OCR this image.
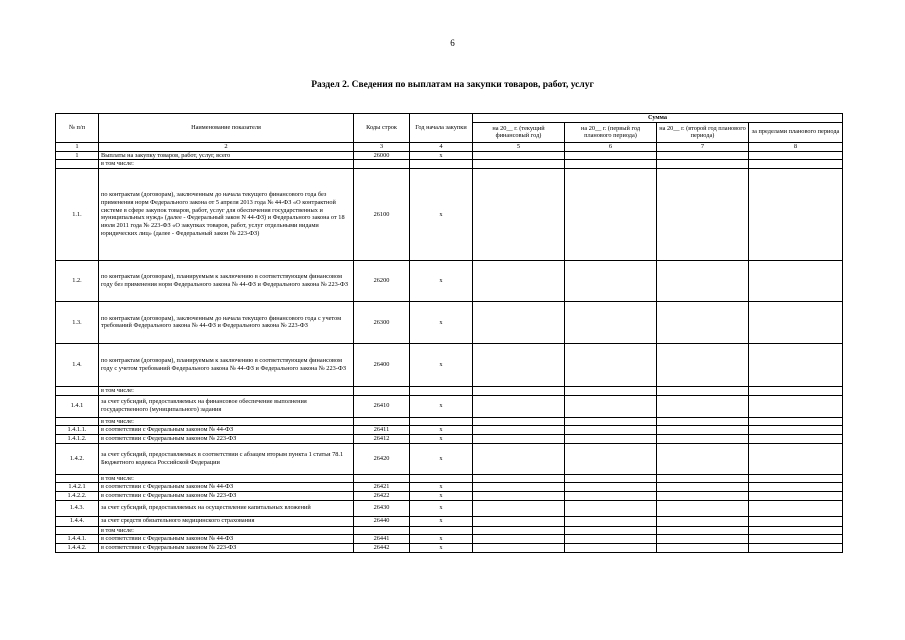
6
Раздел 2. Сведения по выплатам на закупки товаров, работ, услуг
№ п/п	Наименование показателя	Коды строк	Год начала закупки	Сумма			
				на 20__ г. (текущий финансовый год)	на 20__ г. (первый год планового периода)	на 20__ г. (второй год планового периода)	за пределами планового периода
1	2	3	4	5	6	7	8
1	Выплаты на закупку товаров, работ, услуг, всего	26000	x				
	в том числе:						
1.1.	по контрактам (договорам), заключенным до начала текущего финансового года без применения норм Федерального закона от 5 апреля 2013 года № 44-ФЗ «О контрактной системе в сфере закупок товаров, работ, услуг для обеспечения государственных и муниципальных нужд» (далее - Федеральный закон N 44-ФЗ) и Федерального закона от 18 июля 2011 года № 223-ФЗ «О закупках товаров, работ, услуг отдельными видами юридических лиц» (далее - Федеральный закон № 223-ФЗ)	26100	x				
1.2.	по контрактам (договорам), планируемым к заключению в соответствующем финансовом году без применения норм Федерального закона № 44-ФЗ и Федерального закона № 223-ФЗ	26200	x				
1.3.	по контрактам (договорам), заключенным до начала текущего финансового года с учетом требований Федерального закона № 44-ФЗ и Федерального закона № 223-ФЗ	26300	x				
1.4.	по контрактам (договорам), планируемым к заключению в соответствующем финансовом году с учетом требований Федерального закона № 44-ФЗ и Федерального закона № 223-ФЗ	26400	x				
	в том числе:						
1.4.1	за счет субсидий, предоставляемых на финансовое обеспечение выполнения государственного (муниципального) задания	26410	x				
	в том числе:						
1.4.1.1.	в соответствии с Федеральным законом № 44-ФЗ	26411	x				
1.4.1.2.	в соответствии с Федеральным законом № 223-ФЗ	26412	x				
1.4.2.	за счет субсидий, предоставляемых в соответствии с абзацем вторым пункта 1 статьи 78.1 Бюджетного кодекса Российской Федерации	26420	x				
	в том числе:						
1.4.2.1	в соответствии с Федеральным законом № 44-ФЗ	26421	x				
1.4.2.2.	в соответствии с Федеральным законом № 223-ФЗ	26422	x				
1.4.3.	за счет субсидий, предоставляемых на осуществление капитальных вложений	26430	x				
1.4.4.	за счет средств обязательного медицинского страхования	26440	x				
	в том числе:						
1.4.4.1.	в соответствии с Федеральным законом № 44-ФЗ	26441	x				
1.4.4.2.	в соответствии с Федеральным законом № 223-ФЗ	26442	x				
